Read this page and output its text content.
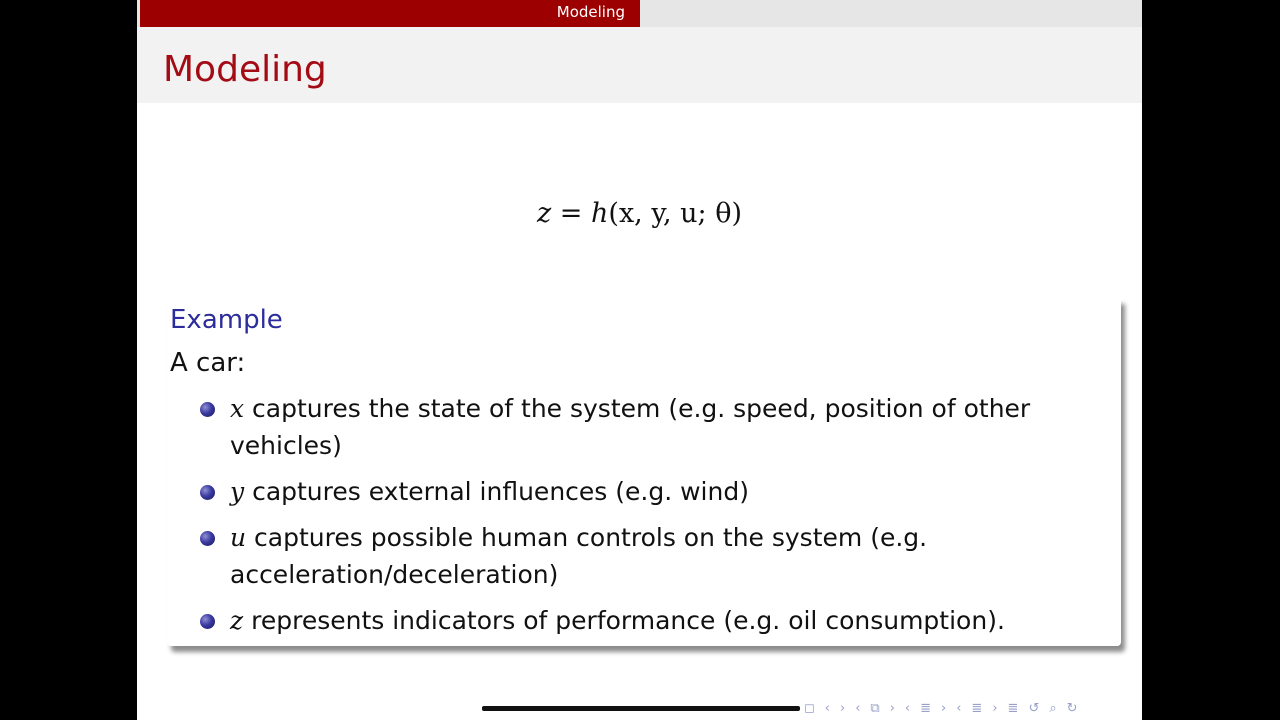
Modeling
Modeling
z = h(x, y, u; θ)
Example
A car:
x captures the state of the system (e.g. speed, position of other vehicles)
y captures external influences (e.g. wind)
u captures possible human controls on the system (e.g. acceleration/deceleration)
z represents indicators of performance (e.g. oil consumption).
◻ ‹ › ‹ ⧉ › ‹ ≣ › ‹ ≣ › ≣ ↺ ⌕ ↻
